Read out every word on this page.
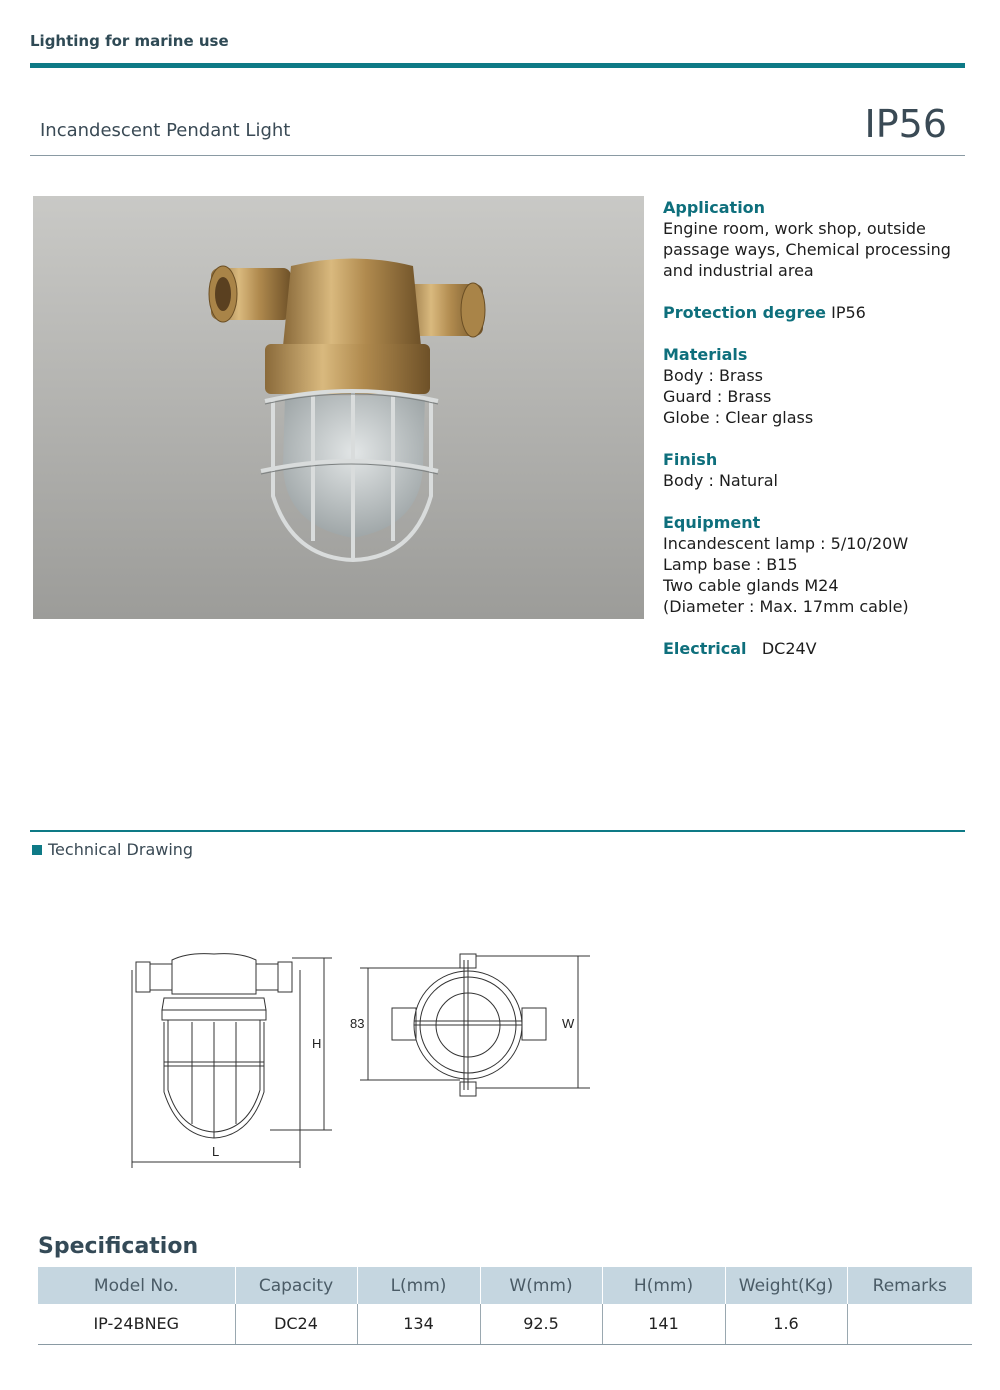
Lighting for marine use
Incandescent Pendant Light	IP56
Application
Engine room, work shop, outside
passage ways, Chemical processing
and industrial area
Protection degree IP56
Materials
Body : Brass
Guard : Brass
Globe : Clear glass
Finish
Body : Natural
Equipment
Incandescent lamp : 5/10/20W
Lamp base : B15
Two cable glands M24
(Diameter : Max. 17mm cable)
Electrical DC24V
Technical Drawing
H
L
83	W
Specification
Model No.	Capacity	L(mm)	W(mm)	H(mm)	Weight(Kg)	Remarks
IP-24BNEG	DC24	134	92.5	141	1.6	
